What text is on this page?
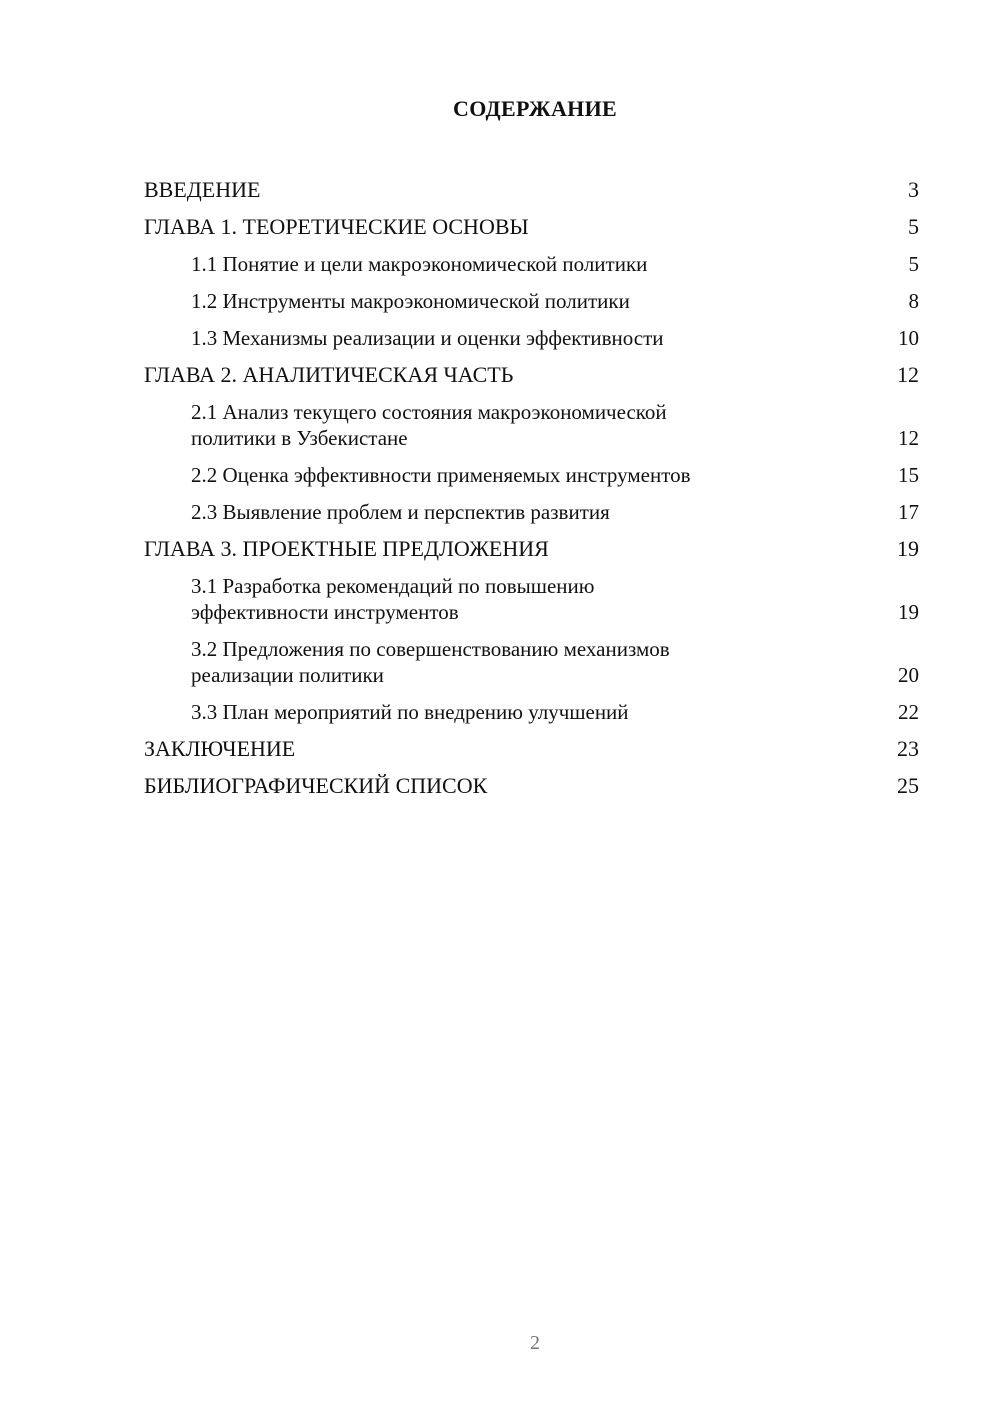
СОДЕРЖАНИЕ
ВВЕДЕНИЕ	3
ГЛАВА 1. ТЕОРЕТИЧЕСКИЕ ОСНОВЫ	5
1.1 Понятие и цели макроэкономической политики	5
1.2 Инструменты макроэкономической политики	8
1.3 Механизмы реализации и оценки эффективности	10
ГЛАВА 2. АНАЛИТИЧЕСКАЯ ЧАСТЬ	12
2.1 Анализ текущего состояния макроэкономической
политики в Узбекистане	12
2.2 Оценка эффективности применяемых инструментов	15
2.3 Выявление проблем и перспектив развития	17
ГЛАВА 3. ПРОЕКТНЫЕ ПРЕДЛОЖЕНИЯ	19
3.1 Разработка рекомендаций по повышению
эффективности инструментов	19
3.2 Предложения по совершенствованию механизмов
реализации политики	20
3.3 План мероприятий по внедрению улучшений	22
ЗАКЛЮЧЕНИЕ	23
БИБЛИОГРАФИЧЕСКИЙ СПИСОК	25
2
